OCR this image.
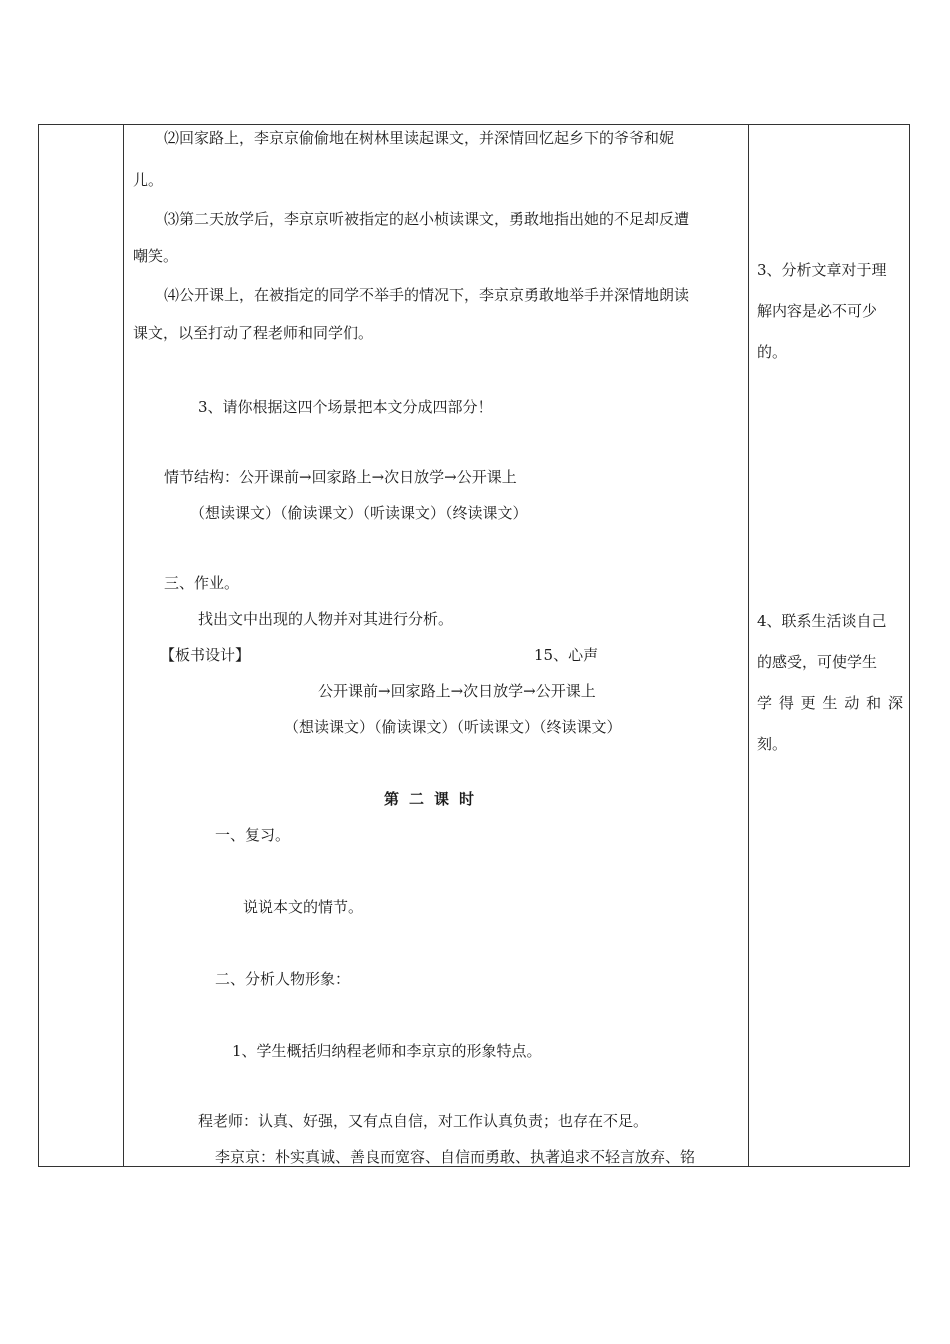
⑵回家路上，李京京偷偷地在树林里读起课文，并深情回忆起乡下的爷爷和妮
儿。
⑶第二天放学后，李京京听被指定的赵小桢读课文，勇敢地指出她的不足却反遭
嘲笑。
⑷公开课上，在被指定的同学不举手的情况下，李京京勇敢地举手并深情地朗读
课文，以至打动了程老师和同学们。
3、请你根据这四个场景把本文分成四部分！
情节结构：公开课前→回家路上→次日放学→公开课上
（想读课文）（偷读课文）（听读课文）（终读课文）
三、作业。
找出文中出现的人物并对其进行分析。
【板书设计】	15、心声
公开课前→回家路上→次日放学→公开课上
（想读课文）（偷读课文）（听读课文）（终读课文）
第二课时
一、复习。
说说本文的情节。
二、分析人物形象：
1、学生概括归纳程老师和李京京的形象特点。
程老师：认真、好强，又有点自信，对工作认真负责；也存在不足。
李京京：朴实真诚、善良而宽容、自信而勇敢、执著追求不轻言放弃、铭
3、分析文章对于理
解内容是必不可少
的。
4、联系生活谈自己
的感受，可使学生
学 得 更 生 动 和 深
刻。
